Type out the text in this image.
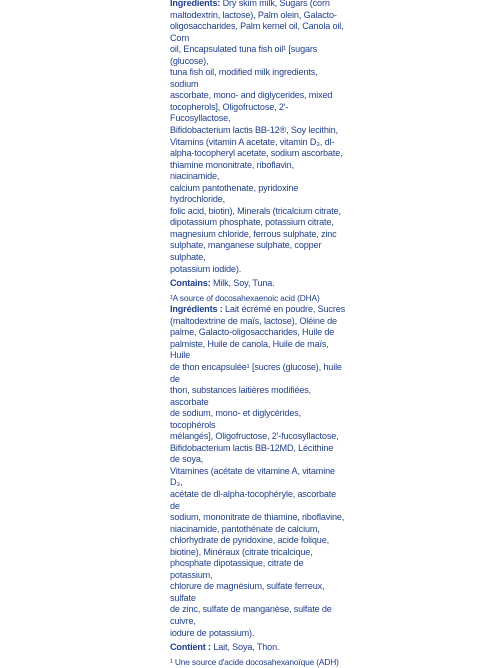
Ingredients: Dry skim milk, Sugars (corn

maltodextrin, lactose), Palm olein, Galacto-

oligosaccharides, Palm kernel oil, Canola oil, Corn

oil, Encapsulated tuna fish oil¹ [sugars (glucose),

tuna fish oil, modified milk ingredients, sodium

ascorbate, mono- and diglycerides, mixed

tocopherols], Oligofructose, 2'-Fucosyllactose,

Bifidobacterium lactis BB-12®, Soy lecithin,

Vitamins (vitamin A acetate, vitamin D₃, dl-

alpha-tocopheryl acetate, sodium ascorbate,

thiamine mononitrate, riboflavin, niacinamide,

calcium pantothenate, pyridoxine hydrochloride,

folic acid, biotin), Minerals (tricalcium citrate,

dipotassium phosphate, potassium citrate,

magnesium chloride, ferrous sulphate, zinc

sulphate, manganese sulphate, copper sulphate,

potassium iodide).

Contains: Milk, Soy, Tuna.

¹A source of docosahexaenoic acid (DHA)

Ingrédients : Lait écrémé en poudre, Sucres

(maltodextrine de maïs, lactose), Oléine de

palme, Galacto-oligosaccharides, Huile de

palmiste, Huile de canola, Huile de maïs, Huile

de thon encapsulée¹ [sucres (glucose), huile de

thon, substances laitières modifiées, ascorbate

de sodium, mono- et diglycérides, tocophérols

mélangés], Oligofructose, 2'-fucosyllactose,

Bifidobacterium lactis BB-12MD, Lécithine de soya,

Vitamines (acétate de vitamine A, vitamine D₃,

acétate de dl-alpha-tocophéryle, ascorbate de

sodium, mononitrate de thiamine, riboflavine,

niacinamide, pantothénate de calcium,

chlorhydrate de pyridoxine, acide folique,

biotine), Minéraux (citrate tricalcique,

phosphate dipotassique, citrate de potassium,

chlorure de magnésium, sulfate ferreux, sulfate

de zinc, sulfate de manganèse, sulfate de cuivre,

iodure de potassium).

Contient : Lait, Soya, Thon.

¹ Une source d'acide docosahexanoïque (ADH)
